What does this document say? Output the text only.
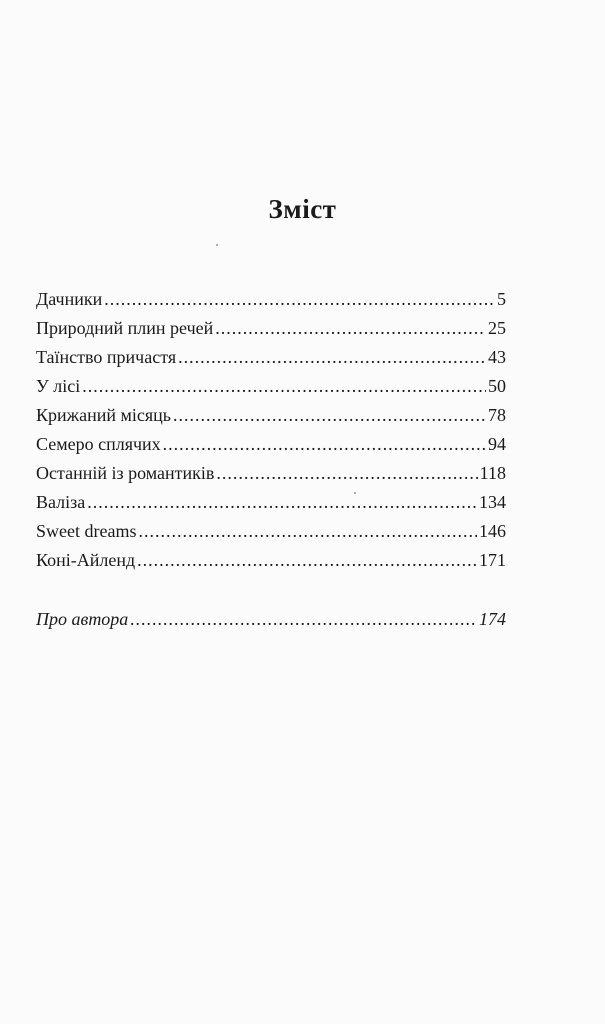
Зміст
Дачники .....	5
Природний плин речей .....	25
Таїнство причастя .....	43
У лісі .....	50
Крижаний місяць .....	78
Семеро сплячих .....	94
Останній із романтиків .....	118
Валіза .....	134
Sweet dreams .....	146
Коні-Айленд .....	171
Про автора .....	174
